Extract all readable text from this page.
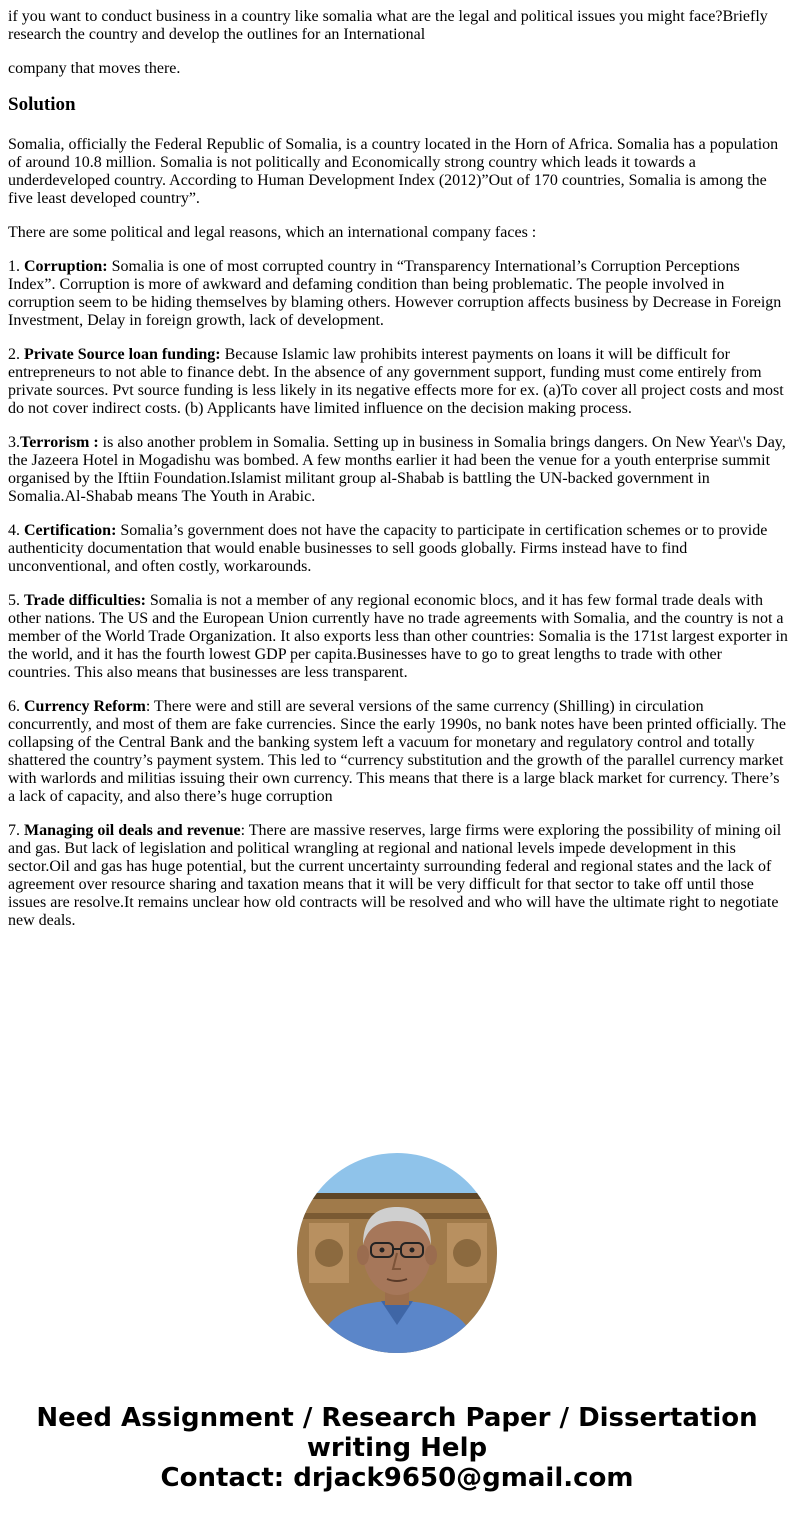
if you want to conduct business in a country like somalia what are the legal and political issues you might face?Briefly research the country and develop the outlines for an International

company that moves there.

Solution

Somalia, officially the Federal Republic of Somalia, is a country located in the Horn of Africa. Somalia has a population of around 10.8 million. Somalia is not politically and Economically strong country which leads it towards a underdeveloped country. According to Human Development Index (2012)”Out of 170 countries, Somalia is among the five least developed country”.

There are some political and legal reasons, which an international company faces :

1. Corruption: Somalia is one of most corrupted country in “Transparency International’s Corruption Perceptions Index”. Corruption is more of awkward and defaming condition than being problematic. The people involved in corruption seem to be hiding themselves by blaming others. However corruption affects business by Decrease in Foreign Investment, Delay in foreign growth, lack of development.

2. Private Source loan funding: Because Islamic law prohibits interest payments on loans it will be difficult for entrepreneurs to not able to finance debt. In the absence of any government support, funding must come entirely from private sources. Pvt source funding is less likely in its negative effects more for ex. (a)To cover all project costs and most do not cover indirect costs. (b) Applicants have limited influence on the decision making process.

3.Terrorism : is also another problem in Somalia. Setting up in business in Somalia brings dangers. On New Year\'s Day, the Jazeera Hotel in Mogadishu was bombed. A few months earlier it had been the venue for a youth enterprise summit organised by the Iftiin Foundation.Islamist militant group al-Shabab is battling the UN-backed government in Somalia.Al-Shabab means The Youth in Arabic.

4. Certification: Somalia’s government does not have the capacity to participate in certification schemes or to provide authenticity documentation that would enable businesses to sell goods globally. Firms instead have to find unconventional, and often costly, workarounds.

5. Trade difficulties: Somalia is not a member of any regional economic blocs, and it has few formal trade deals with other nations. The US and the European Union currently have no trade agreements with Somalia, and the country is not a member of the World Trade Organization. It also exports less than other countries: Somalia is the 171st largest exporter in the world, and it has the fourth lowest GDP per capita.Businesses have to go to great lengths to trade with other countries. This also means that businesses are less transparent.

6. Currency Reform: There were and still are several versions of the same currency (Shilling) in circulation concurrently, and most of them are fake currencies. Since the early 1990s, no bank notes have been printed officially. The collapsing of the Central Bank and the banking system left a vacuum for monetary and regulatory control and totally shattered the country’s payment system. This led to “currency substitution and the growth of the parallel currency market with warlords and militias issuing their own currency. This means that there is a large black market for currency. There’s a lack of capacity, and also there’s huge corruption

7. Managing oil deals and revenue: There are massive reserves, large firms were exploring the possibility of mining oil and gas. But lack of legislation and political wrangling at regional and national levels impede development in this sector.Oil and gas has huge potential, but the current uncertainty surrounding federal and regional states and the lack of agreement over resource sharing and taxation means that it will be very difficult for that sector to take off until those issues are resolve.It remains unclear how old contracts will be resolved and who will have the ultimate right to negotiate new deals.

Need Assignment / Research Paper / Dissertation
writing Help
Contact: drjack9650@gmail.com
